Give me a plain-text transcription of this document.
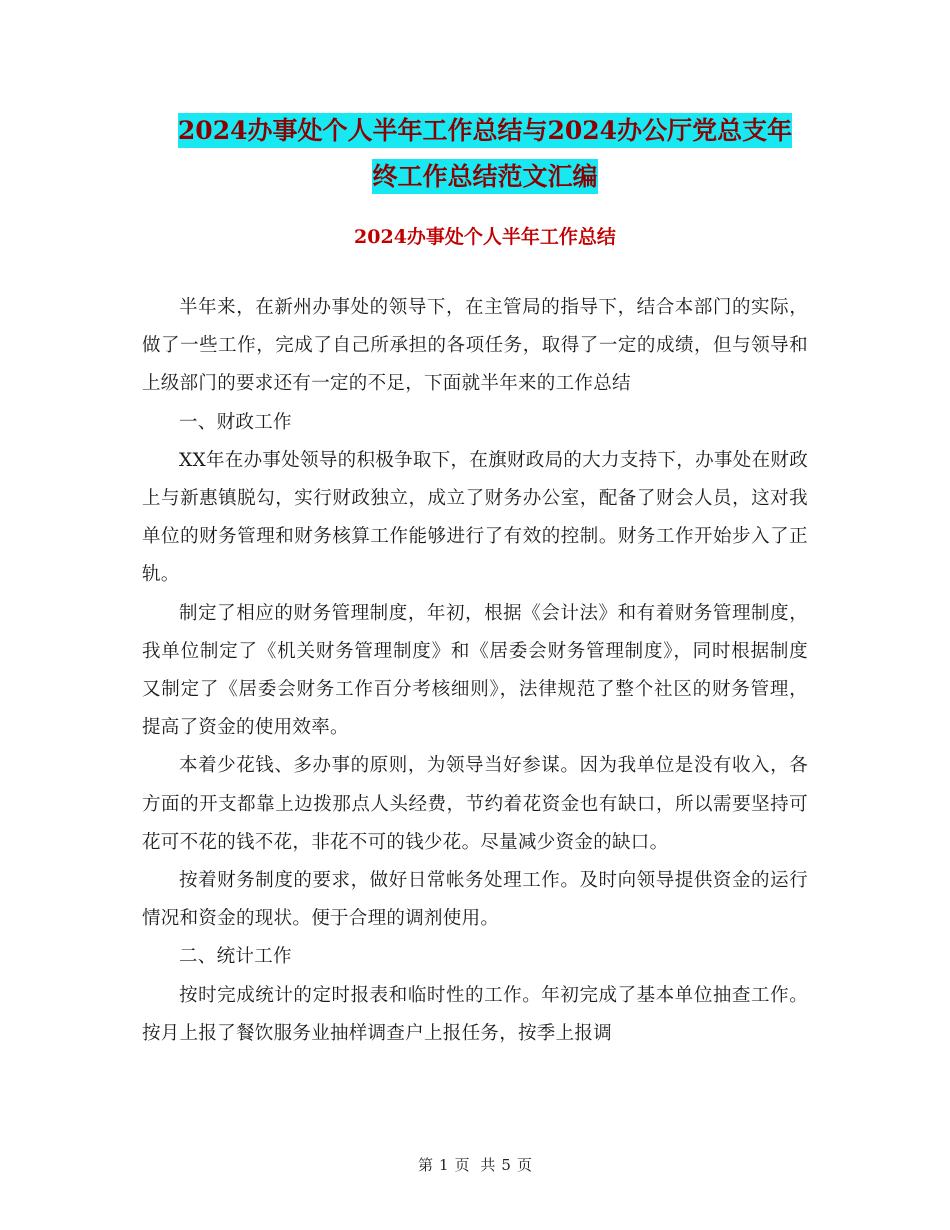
2024办事处个人半年工作总结与2024办公厅党总支年
终工作总结范文汇编
2024办事处个人半年工作总结

半年来，在新州办事处的领导下，在主管局的指导下，结合本部门的实际，做了一些工作，完成了自己所承担的各项任务，取得了一定的成绩，但与领导和上级部门的要求还有一定的不足，下面就半年来的工作总结

一、财政工作

XX年在办事处领导的积极争取下，在旗财政局的大力支持下，办事处在财政上与新惠镇脱勾，实行财政独立，成立了财务办公室，配备了财会人员，这对我单位的财务管理和财务核算工作能够进行了有效的控制。财务工作开始步入了正轨。

制定了相应的财务管理制度，年初，根据《会计法》和有着财务管理制度，我单位制定了《机关财务管理制度》和《居委会财务管理制度》，同时根据制度又制定了《居委会财务工作百分考核细则》，法律规范了整个社区的财务管理，提高了资金的使用效率。

本着少花钱、多办事的原则，为领导当好参谋。因为我单位是没有收入，各方面的开支都靠上边拨那点人头经费，节约着花资金也有缺口，所以需要坚持可花可不花的钱不花，非花不可的钱少花。尽量减少资金的缺口。

按着财务制度的要求，做好日常帐务处理工作。及时向领导提供资金的运行情况和资金的现状。便于合理的调剂使用。

二、统计工作

按时完成统计的定时报表和临时性的工作。年初完成了基本单位抽查工作。按月上报了餐饮服务业抽样调查户上报任务，按季上报调

第 1 页 共 5 页
